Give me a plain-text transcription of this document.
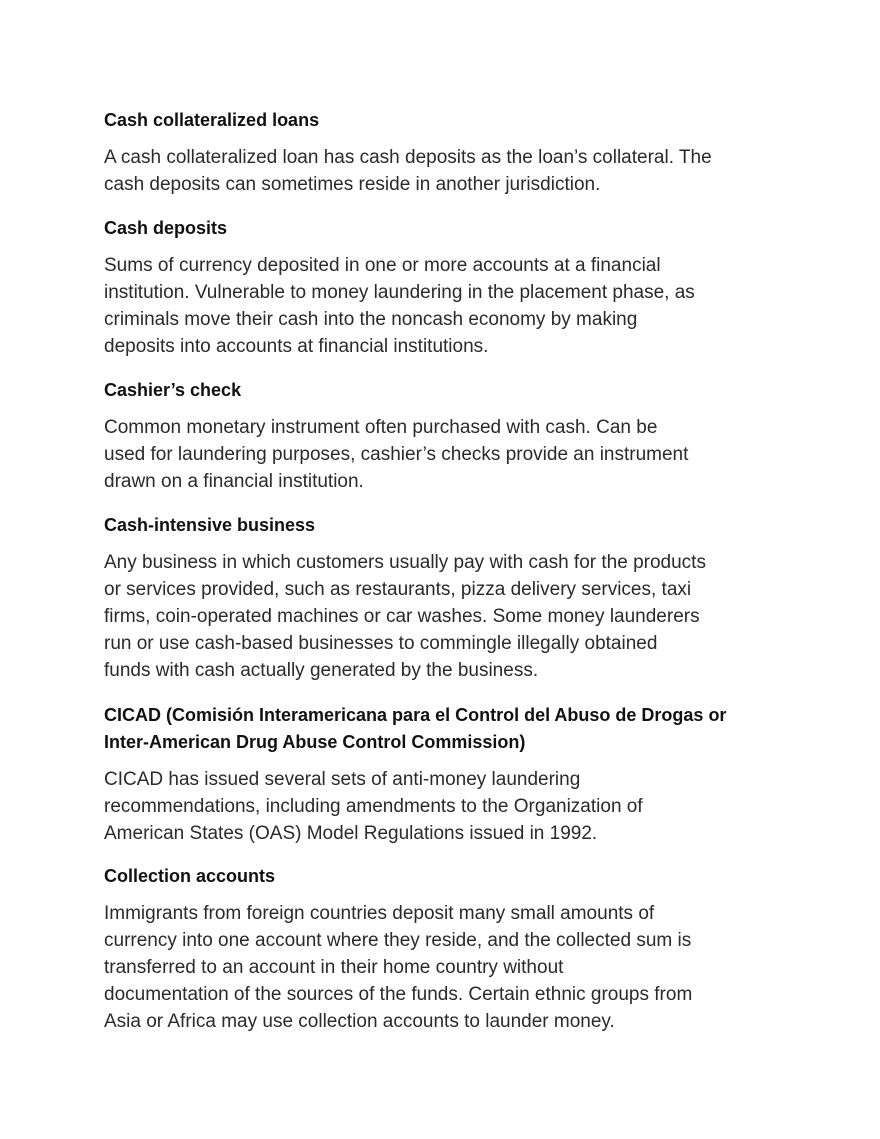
Cash collateralized loans
A cash collateralized loan has cash deposits as the loan’s collateral. The
cash deposits can sometimes reside in another jurisdiction.
Cash deposits
Sums of currency deposited in one or more accounts at a financial
institution. Vulnerable to money laundering in the placement phase, as
criminals move their cash into the noncash economy by making
deposits into accounts at financial institutions.
Cashier’s check
Common monetary instrument often purchased with cash. Can be
used for laundering purposes, cashier’s checks provide an instrument
drawn on a financial institution.
Cash-intensive business
Any business in which customers usually pay with cash for the products
or services provided, such as restaurants, pizza delivery services, taxi
firms, coin-operated machines or car washes. Some money launderers
run or use cash-based businesses to commingle illegally obtained
funds with cash actually generated by the business.
CICAD (Comisión Interamericana para el Control del Abuso de Drogas or
Inter-American Drug Abuse Control Commission)
CICAD has issued several sets of anti-money laundering
recommendations, including amendments to the Organization of
American States (OAS) Model Regulations issued in 1992.
Collection accounts
Immigrants from foreign countries deposit many small amounts of
currency into one account where they reside, and the collected sum is
transferred to an account in their home country without
documentation of the sources of the funds. Certain ethnic groups from
Asia or Africa may use collection accounts to launder money.
